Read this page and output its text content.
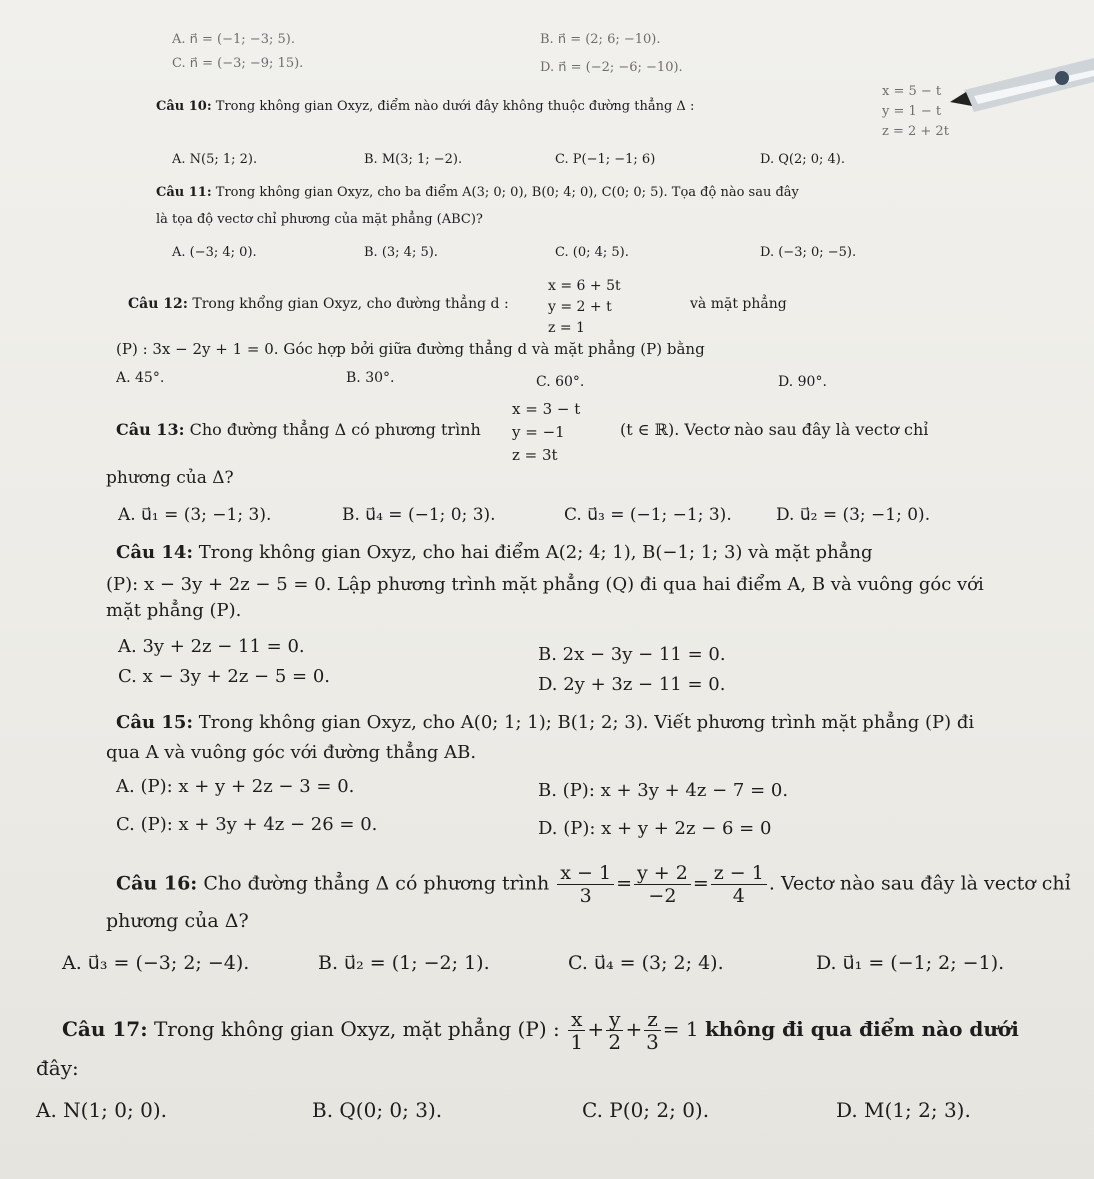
A. n⃗ = (−1; −3; 5).	B. n⃗ = (2; 6; −10).
C. n⃗ = (−3; −9; 15).	D. n⃗ = (−2; −6; −10).
Câu 10: Trong không gian Oxyz, điểm nào dưới đây không thuộc đường thẳng Δ :
x = 5 − t
y = 1 − t
z = 2 + 2t
A. N(5; 1; 2).	B. M(3; 1; −2).	C. P(−1; −1; 6)	D. Q(2; 0; 4).
Câu 11: Trong không gian Oxyz, cho ba điểm A(3; 0; 0), B(0; 4; 0), C(0; 0; 5). Tọa độ nào sau đây
là tọa độ vectơ chỉ phương của mặt phẳng (ABC)?
A. (−3; 4; 0).	B. (3; 4; 5).	C. (0; 4; 5).	D. (−3; 0; −5).
Câu 12: Trong khổng gian Oxyz, cho đường thẳng d :
x = 6 + 5t
y = 2 + t
z = 1
và mặt phẳng
(P) : 3x − 2y + 1 = 0. Góc hợp bởi giữa đường thẳng d và mặt phẳng (P) bằng
A. 45°.	B. 30°.	C. 60°.	D. 90°.
Câu 13: Cho đường thẳng Δ có phương trình
x = 3 − t
y = −1
z = 3t
(t ∈ ℝ). Vectơ nào sau đây là vectơ chỉ
phương của Δ?
A. u⃗₁ = (3; −1; 3).	B. u⃗₄ = (−1; 0; 3).	C. u⃗₃ = (−1; −1; 3).	D. u⃗₂ = (3; −1; 0).
Câu 14: Trong không gian Oxyz, cho hai điểm A(2; 4; 1), B(−1; 1; 3) và mặt phẳng
(P): x − 3y + 2z − 5 = 0. Lập phương trình mặt phẳng (Q) đi qua hai điểm A, B và vuông góc với
mặt phẳng (P).
A. 3y + 2z − 11 = 0.	B. 2x − 3y − 11 = 0.
C. x − 3y + 2z − 5 = 0.	D. 2y + 3z − 11 = 0.
Câu 15: Trong không gian Oxyz, cho A(0; 1; 1); B(1; 2; 3). Viết phương trình mặt phẳng (P) đi
qua A và vuông góc với đường thẳng AB.
A. (P): x + y + 2z − 3 = 0.	B. (P): x + 3y + 4z − 7 = 0.
C. (P): x + 3y + 4z − 26 = 0.	D. (P): x + y + 2z − 6 = 0
Câu 16: Cho đường thẳng Δ có phương trình $\frac{x - 1}{3} = \frac{y + 2}{-2} = \frac{z - 1}{4}$ . Vectơ nào sau đây là vectơ chỉ
phương của Δ?
A. u⃗₃ = (−3; 2; −4).	B. u⃗₂ = (1; −2; 1).	C. u⃗₄ = (3; 2; 4).	D. u⃗₁ = (−1; 2; −1).
Câu 17: Trong không gian Oxyz, mặt phẳng (P) : $\frac{x}{1} + \frac{y}{2} + \frac{z}{3} = 1$ không đi qua điểm nào dưới
đây:
A. N(1; 0; 0).	B. Q(0; 0; 3).	C. P(0; 2; 0).	D. M(1; 2; 3).
